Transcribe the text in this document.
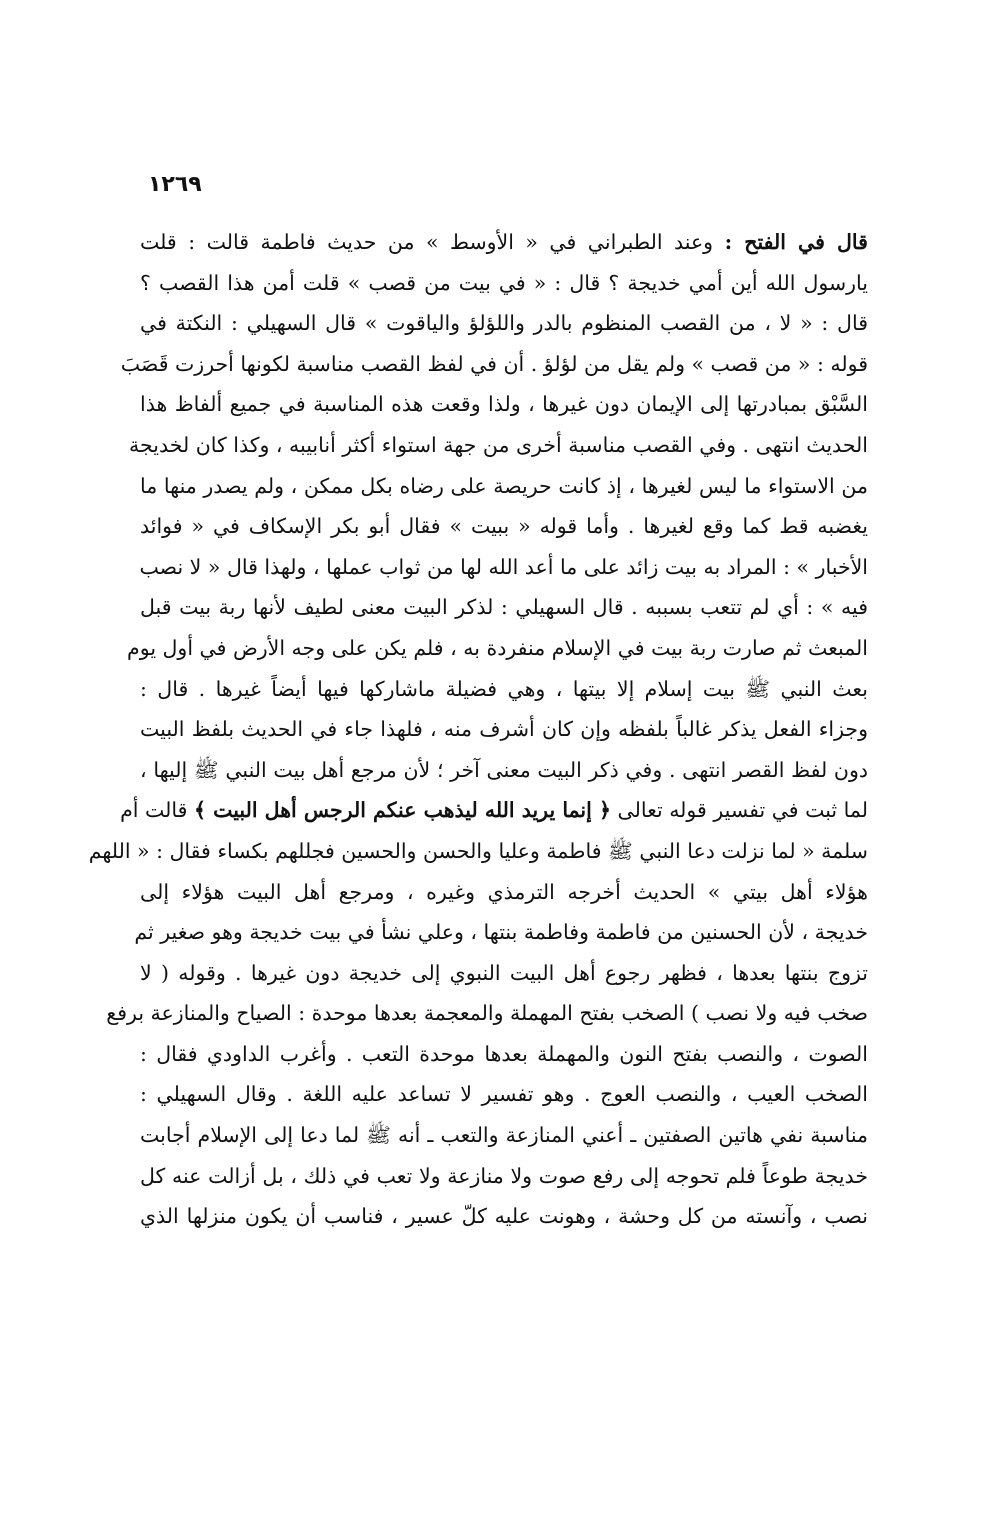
١٢٦٩
قال في الفتح : وعند الطبراني في « الأوسط » من حديث فاطمة قالت : قلت
يارسول الله أين أمي خديجة ؟ قال : « في بيت من قصب » قلت أمن هذا القصب ؟
قال : « لا ، من القصب المنظوم بالدر واللؤلؤ والياقوت » قال السهيلي : النكتة في
قوله : « من قصب » ولم يقل من لؤلؤ . أن في لفظ القصب مناسبة لكونها أحرزت قَصَبَ
السَّبْق بمبادرتها إلى الإيمان دون غيرها ، ولذا وقعت هذه المناسبة في جميع ألفاظ هذا
الحديث انتهى . وفي القصب مناسبة أخرى من جهة استواء أكثر أنابيبه ، وكذا كان لخديجة
من الاستواء ما ليس لغيرها ، إذ كانت حريصة على رضاه بكل ممكن ، ولم يصدر منها ما
يغضبه قط كما وقع لغيرها . وأما قوله « ببيت » فقال أبو بكر الإسكاف في « فوائد
الأخبار » : المراد به بيت زائد على ما أعد الله لها من ثواب عملها ، ولهذا قال « لا نصب
فيه » : أي لم تتعب بسببه . قال السهيلي : لذكر البيت معنى لطيف لأنها ربة بيت قبل
المبعث ثم صارت ربة بيت في الإسلام منفردة به ، فلم يكن على وجه الأرض في أول يوم
بعث النبي ﷺ بيت إسلام إلا بيتها ، وهي فضيلة ماشاركها فيها أيضاً غيرها . قال :
وجزاء الفعل يذكر غالباً بلفظه وإن كان أشرف منه ، فلهذا جاء في الحديث بلفظ البيت
دون لفظ القصر انتهى . وفي ذكر البيت معنى آخر ؛ لأن مرجع أهل بيت النبي ﷺ إليها ،
لما ثبت في تفسير قوله تعالى ﴿ إنما يريد الله ليذهب عنكم الرجس أهل البيت ﴾ قالت أم
سلمة « لما نزلت دعا النبي ﷺ فاطمة وعليا والحسن والحسين فجللهم بكساء فقال : « اللهم
هؤلاء أهل بيتي » الحديث أخرجه الترمذي وغيره ، ومرجع أهل البيت هؤلاء إلى
خديجة ، لأن الحسنين من فاطمة وفاطمة بنتها ، وعلي نشأ في بيت خديجة وهو صغير ثم
تزوج بنتها بعدها ، فظهر رجوع أهل البيت النبوي إلى خديجة دون غيرها . وقوله ( لا
صخب فيه ولا نصب ) الصخب بفتح المهملة والمعجمة بعدها موحدة : الصياح والمنازعة برفع
الصوت ، والنصب بفتح النون والمهملة بعدها موحدة التعب . وأغرب الداودي فقال :
الصخب العيب ، والنصب العوج . وهو تفسير لا تساعد عليه اللغة . وقال السهيلي :
مناسبة نفي هاتين الصفتين ـ أعني المنازعة والتعب ـ أنه ﷺ لما دعا إلى الإسلام أجابت
خديجة طوعاً فلم تحوجه إلى رفع صوت ولا منازعة ولا تعب في ذلك ، بل أزالت عنه كل
نصب ، وآنسته من كل وحشة ، وهونت عليه كلّ عسير ، فناسب أن يكون منزلها الذي
